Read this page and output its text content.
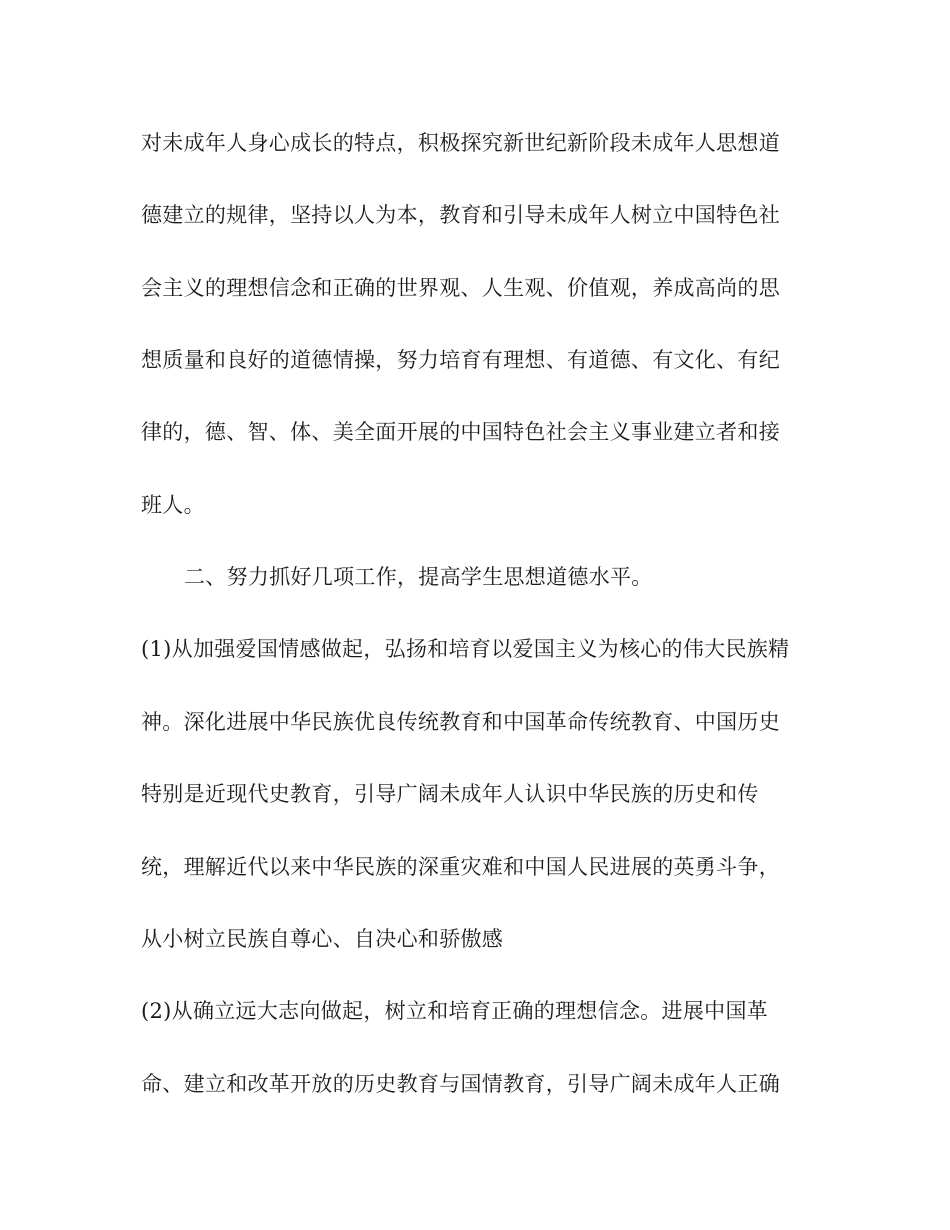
对未成年人身心成长的特点，积极探究新世纪新阶段未成年人思想道

德建立的规律，坚持以人为本，教育和引导未成年人树立中国特色社

会主义的理想信念和正确的世界观、人生观、价值观，养成高尚的思

想质量和良好的道德情操，努力培育有理想、有道德、有文化、有纪

律的，德、智、体、美全面开展的中国特色社会主义事业建立者和接

班人。

二、努力抓好几项工作，提高学生思想道德水平。

(1)从加强爱国情感做起，弘扬和培育以爱国主义为核心的伟大民族精

神。深化进展中华民族优良传统教育和中国革命传统教育、中国历史

特别是近现代史教育，引导广阔未成年人认识中华民族的历史和传

统，理解近代以来中华民族的深重灾难和中国人民进展的英勇斗争，

从小树立民族自尊心、自决心和骄傲感

(2)从确立远大志向做起，树立和培育正确的理想信念。进展中国革

命、建立和改革开放的历史教育与国情教育，引导广阔未成年人正确
